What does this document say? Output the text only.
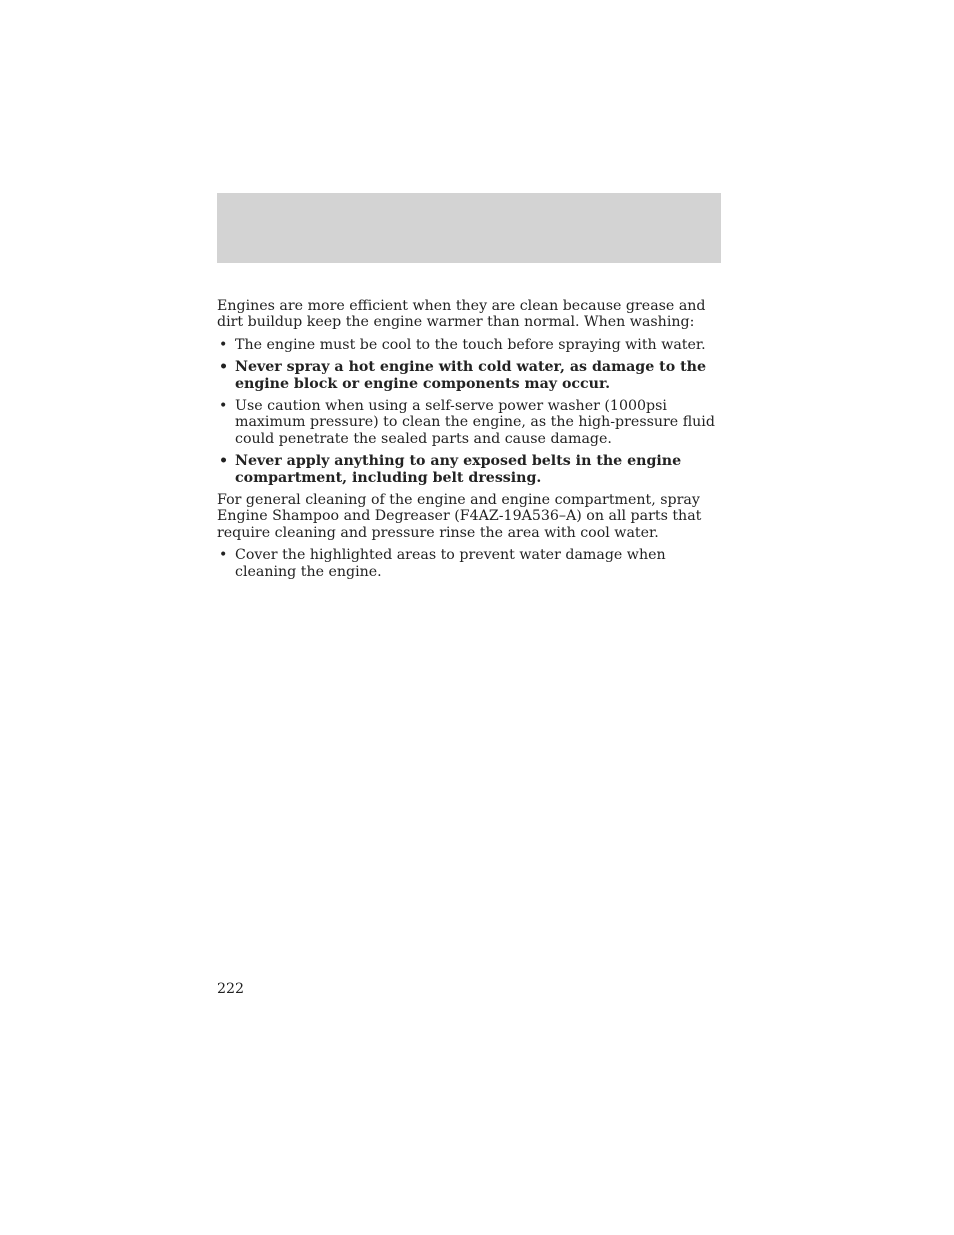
Engines are more efficient when they are clean because grease and dirt buildup keep the engine warmer than normal. When washing:

• The engine must be cool to the touch before spraying with water.
• Never spray a hot engine with cold water, as damage to the engine block or engine components may occur.
• Use caution when using a self-serve power washer (1000psi maximum pressure) to clean the engine, as the high-pressure fluid could penetrate the sealed parts and cause damage.
• Never apply anything to any exposed belts in the engine compartment, including belt dressing.

For general cleaning of the engine and engine compartment, spray Engine Shampoo and Degreaser (F4AZ-19A536–A) on all parts that require cleaning and pressure rinse the area with cool water.

• Cover the highlighted areas to prevent water damage when cleaning the engine.
222
